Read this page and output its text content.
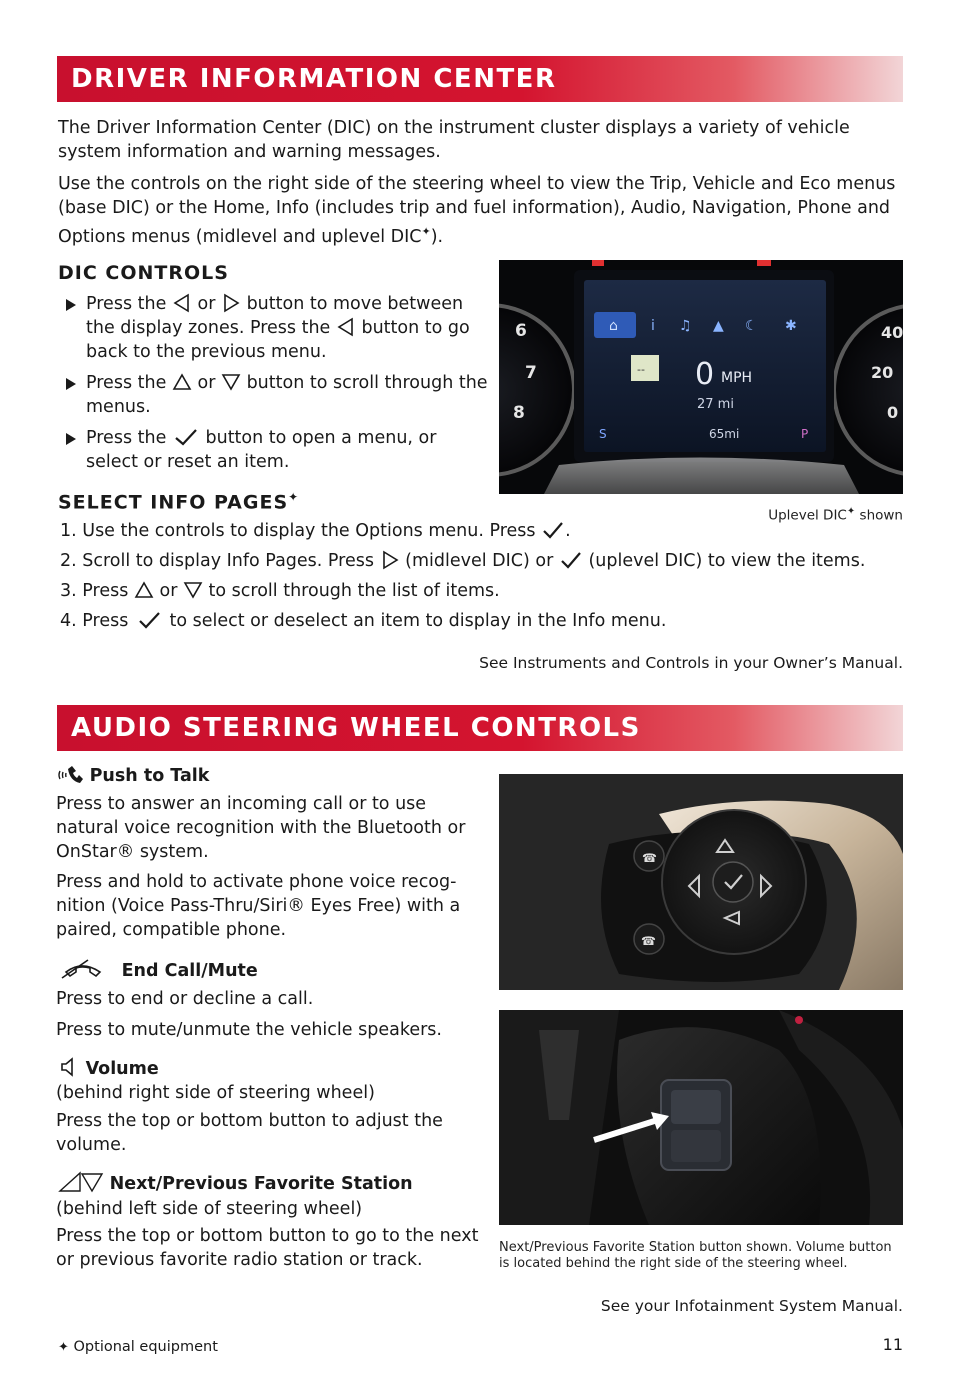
DRIVER INFORMATION CENTER

The Driver Information Center (DIC) on the instrument cluster displays a variety of vehicle system information and warning messages.

Use the controls on the right side of the steering wheel to view the Trip, Vehicle and Eco menus (base DIC) or the Home, Info (includes trip and fuel information), Audio, Navigation, Phone and Options menus (midlevel and uplevel DIC✦).

DIC CONTROLS
Press the or button to move between the display zones. Press the button to go back to the previous menu.
Press the or button to scroll through the menus.
Press the button to open a menu, or select or reset an item.
6
7
8
40
20
0
⌂ i ♫ ▲ ☾ ✱
-- 0 MPH
27 mi
S	65mi	P
Uplevel DIC✦ shown
SELECT INFO PAGES✦
1. Use the controls to display the Options menu. Press .
2. Scroll to display Info Pages. Press (midlevel DIC) or (uplevel DIC) to view the items.
3. Press or to scroll through the list of items.
4. Press to select or deselect an item to display in the Info menu.
See Instruments and Controls in your Owner’s Manual.
AUDIO STEERING WHEEL CONTROLS
Push to Talk

Press to answer an incoming call or to use natural voice recognition with the Bluetooth or OnStar® system.

Press and hold to activate phone voice recog-nition (Voice Pass-Thru/Siri® Eyes Free) with a paired, compatible phone.

End Call/Mute

Press to end or decline a call.

Press to mute/unmute the vehicle speakers.

Volume

(behind right side of steering wheel)

Press the top or bottom button to adjust the volume.

Next/Previous Favorite Station

(behind left side of steering wheel)

Press the top or bottom button to go to the next or previous favorite radio station or track.

☎
☎
Next/Previous Favorite Station button shown. Volume button is located behind the right side of the steering wheel.
See your Infotainment System Manual.
✦ Optional equipment	11
